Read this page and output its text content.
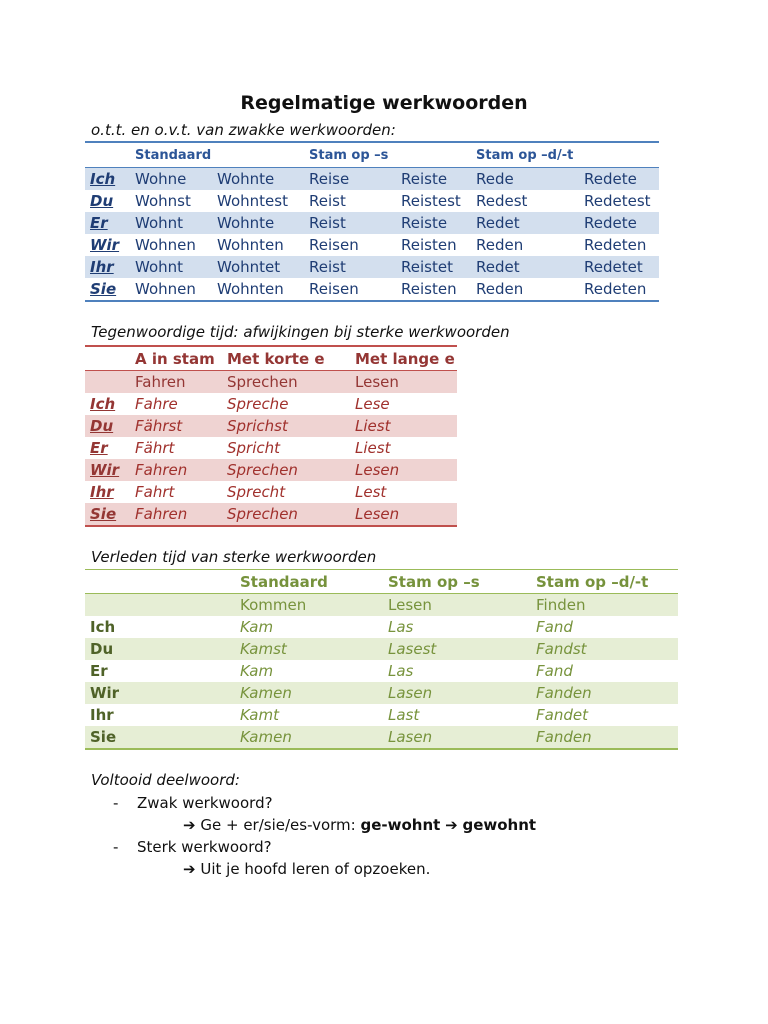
Regelmatige werkwoorden

o.t.t. en o.v.t. van zwakke werkwoorden:

	Standaard		Stam op –s		Stam op –d/-t	
Ich	Wohne	Wohnte	Reise	Reiste	Rede	Redete
Du	Wohnst	Wohntest	Reist	Reistest	Redest	Redetest
Er	Wohnt	Wohnte	Reist	Reiste	Redet	Redete
Wir	Wohnen	Wohnten	Reisen	Reisten	Reden	Redeten
Ihr	Wohnt	Wohntet	Reist	Reistet	Redet	Redetet
Sie	Wohnen	Wohnten	Reisen	Reisten	Reden	Redeten

Tegenwoordige tijd: afwijkingen bij sterke werkwoorden

	A in stam	Met korte e	Met lange e
	Fahren	Sprechen	Lesen
Ich	Fahre	Spreche	Lese
Du	Fährst	Sprichst	Liest
Er	Fährt	Spricht	Liest
Wir	Fahren	Sprechen	Lesen
Ihr	Fahrt	Sprecht	Lest
Sie	Fahren	Sprechen	Lesen

Verleden tijd van sterke werkwoorden

	Standaard	Stam op –s	Stam op –d/-t
	Kommen	Lesen	Finden
Ich	Kam	Las	Fand
Du	Kamst	Lasest	Fandst
Er	Kam	Las	Fand
Wir	Kamen	Lasen	Fanden
Ihr	Kamt	Last	Fandet
Sie	Kamen	Lasen	Fanden

Voltooid deelwoord:

- Zwak werkwoord?
➔ Ge + er/sie/es-vorm: ge-wohnt ➔ gewohnt
- Sterk werkwoord?
➔ Uit je hoofd leren of opzoeken.
